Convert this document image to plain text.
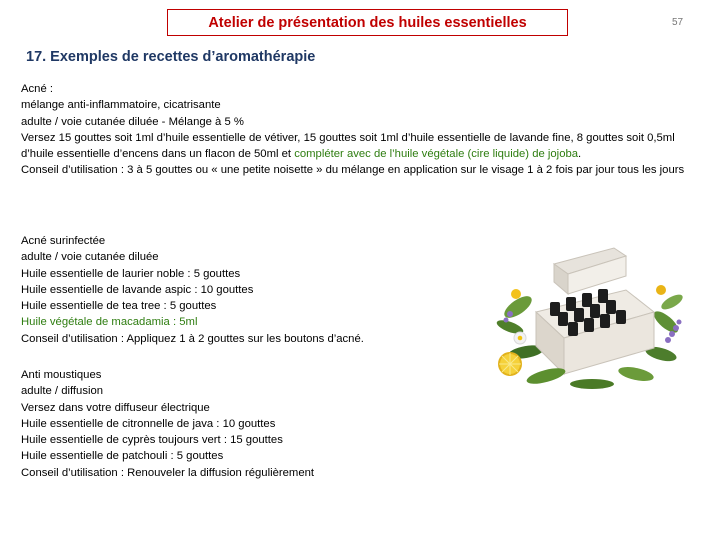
Atelier de présentation des huiles essentielles	57
17. Exemples de recettes d’aromathérapie

Acné :

mélange anti-inflammatoire, cicatrisante

adulte / voie cutanée diluée - Mélange à 5 %

Versez 15 gouttes soit 1ml d’huile essentielle de vétiver, 15 gouttes soit 1ml d’huile essentielle de lavande fine, 8 gouttes soit 0,5ml d’huile essentielle d’encens dans un flacon de 50ml et compléter avec de l’huile végétale (cire liquide) de jojoba.

Conseil d’utilisation : 3 à 5 gouttes ou « une petite noisette » du mélange en application sur le visage 1 à 2 fois par jour tous les jours

Acné surinfectée

adulte / voie cutanée diluée

Huile essentielle de laurier noble : 5 gouttes

Huile essentielle de lavande aspic : 10 gouttes

Huile essentielle de tea tree : 5 gouttes

Huile végétale de macadamia : 5ml

Conseil d’utilisation : Appliquez 1 à 2 gouttes sur les boutons d’acné.

Anti moustiques

adulte / diffusion

Versez dans votre diffuseur électrique

Huile essentielle de citronnelle de java : 10 gouttes

Huile essentielle de cyprès toujours vert : 15 gouttes

Huile essentielle de patchouli : 5 gouttes

Conseil d’utilisation : Renouveler la diffusion régulièrement
